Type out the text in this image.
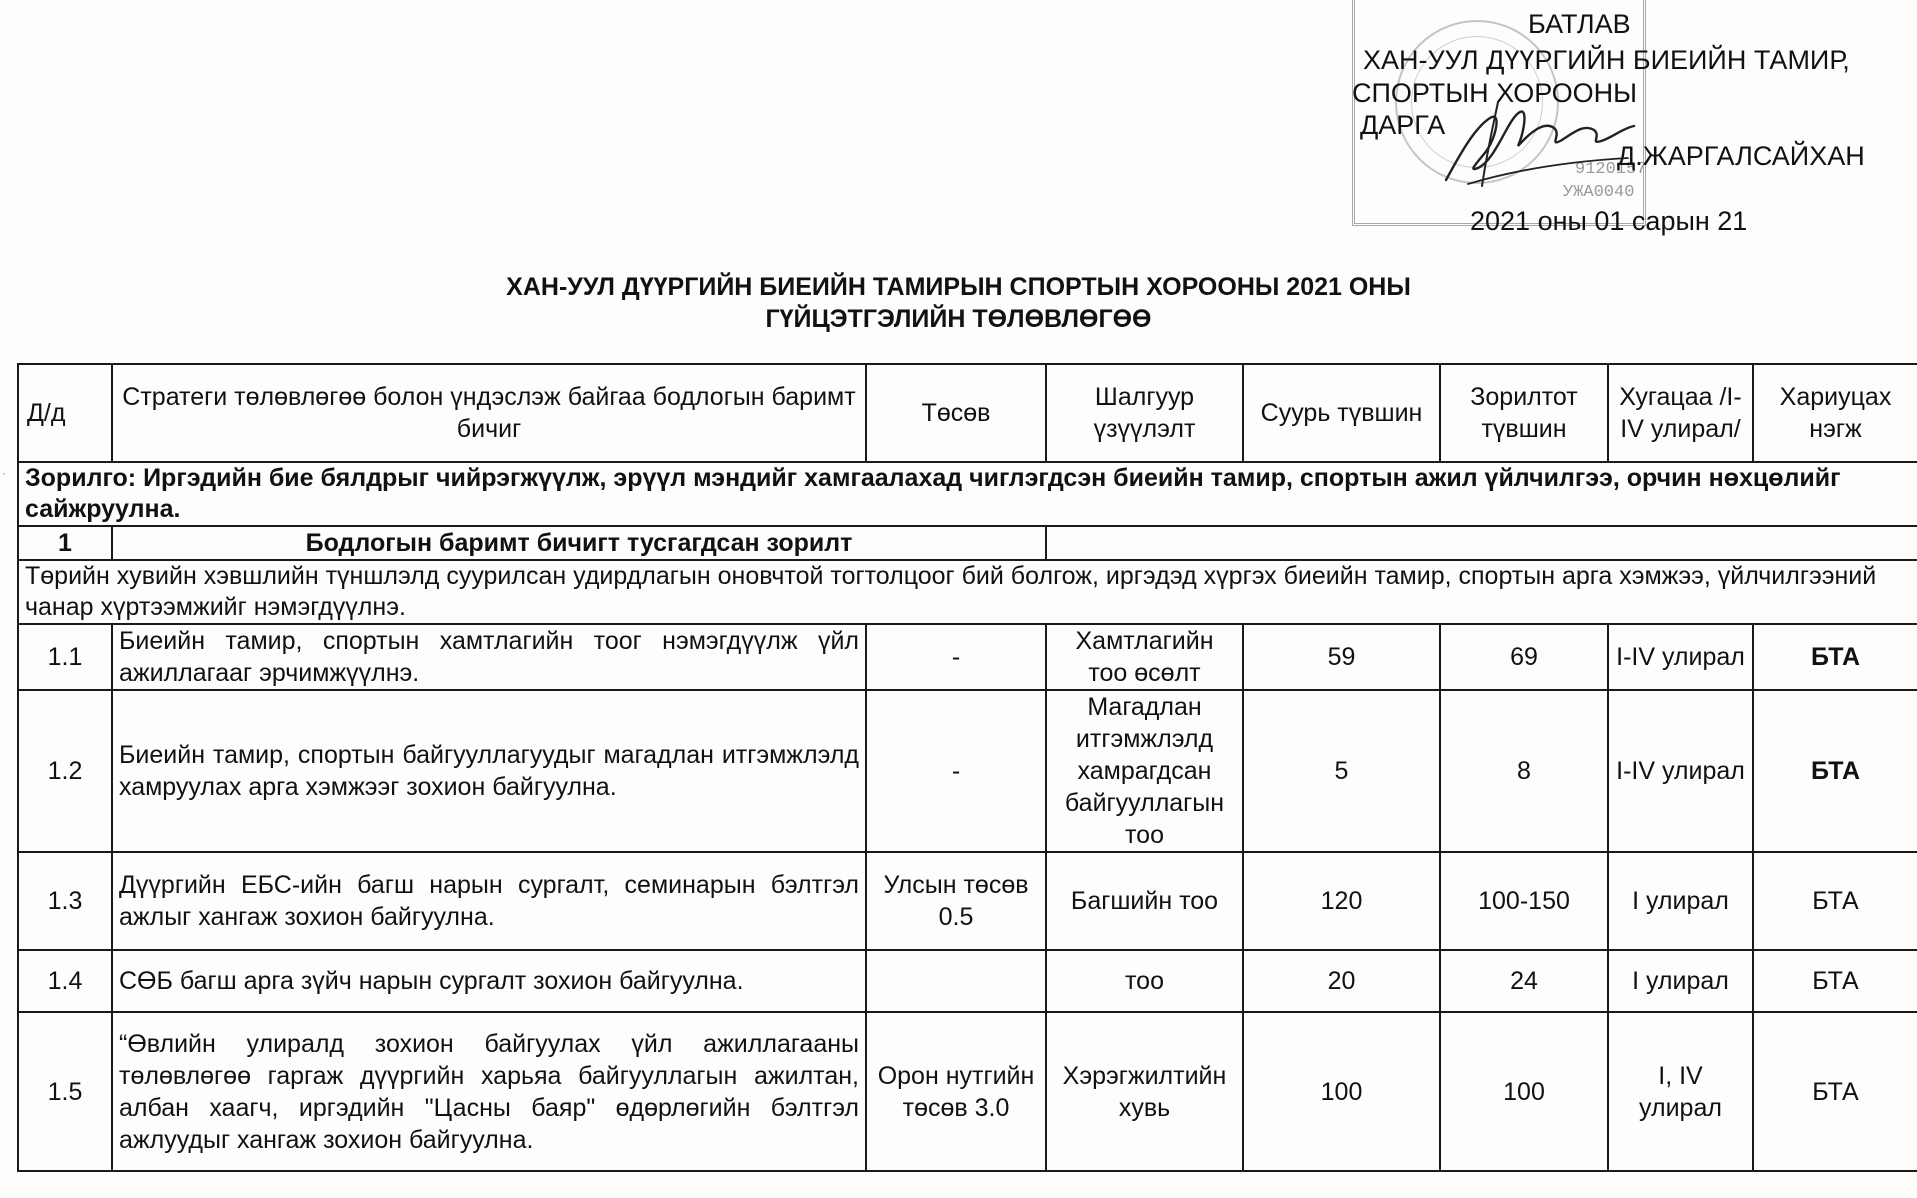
9120157
УЖА0040
БАТЛАВ
ХАН-УУЛ ДҮҮРГИЙН БИЕИЙН ТАМИР,
СПОРТЫН ХОРООНЫ
ДАРГА
Д.ЖАРГАЛСАЙХАН
2021 оны 01 сарын 21
ХАН-УУЛ ДҮҮРГИЙН БИЕИЙН ТАМИРЫН СПОРТЫН ХОРООНЫ 2021 ОНЫ
ГҮЙЦЭТГЭЛИЙН ТӨЛӨВЛӨГӨӨ
·
Д/д	Стратеги төлөвлөгөө болон үндэслэж байгаа бодлогын баримт бичиг	Төсөв	Шалгуур үзүүлэлт	Суурь түвшин	Зорилтот түвшин	Хугацаа /I-IV улирал/	Хариуцах нэгж
Зорилго: Иргэдийн бие бялдрыг чийрэгжүүлж, эрүүл мэндийг хамгаалахад чиглэгдсэн биеийн тамир, спортын ажил үйлчилгээ, орчин нөхцөлийг сайжруулна.							
1	Бодлогын баримт бичигт тусгагдсан зорилт						
Төрийн хувийн хэвшлийн түншлэлд суурилсан удирдлагын оновчтой тогтолцоог бий болгож, иргэдэд хүргэх биеийн тамир, спортын арга хэмжээ, үйлчилгээний чанар хүртээмжийг нэмэгдүүлнэ.							
1.1	Биеийн тамир, спортын хамтлагийн тоог нэмэгдүүлж үйл ажиллагааг эрчимжүүлнэ.	-	Хамтлагийн тоо өсөлт	59	69	I-IV улирал	БТА
1.2	Биеийн тамир, спортын байгууллагуудыг магадлан итгэмжлэлд хамруулах арга хэмжээг зохион байгуулна.	-	Магадлан итгэмжлэлд хамрагдсан байгууллагын тоо	5	8	I-IV улирал	БТА
1.3	Дүүргийн ЕБС-ийн багш нарын сургалт, семинарын бэлтгэл ажлыг хангаж зохион байгуулна.	Улсын төсөв 0.5	Багшийн тоо	120	100-150	I улирал	БТА
1.4	СӨБ багш арга зүйч нарын сургалт зохион байгуулна.		тоо	20	24	I улирал	БТА
1.5	“Өвлийн улиралд зохион байгуулах үйл ажиллагааны төлөвлөгөө гаргаж дүүргийн харьяа байгууллагын ажилтан, албан хаагч, иргэдийн "Цасны баяр" өдөрлөгийн бэлтгэл ажлуудыг хангаж зохион байгуулна.	Орон нутгийн төсөв 3.0	Хэрэгжилтийн хувь	100	100	I, IV улирал	БТА
